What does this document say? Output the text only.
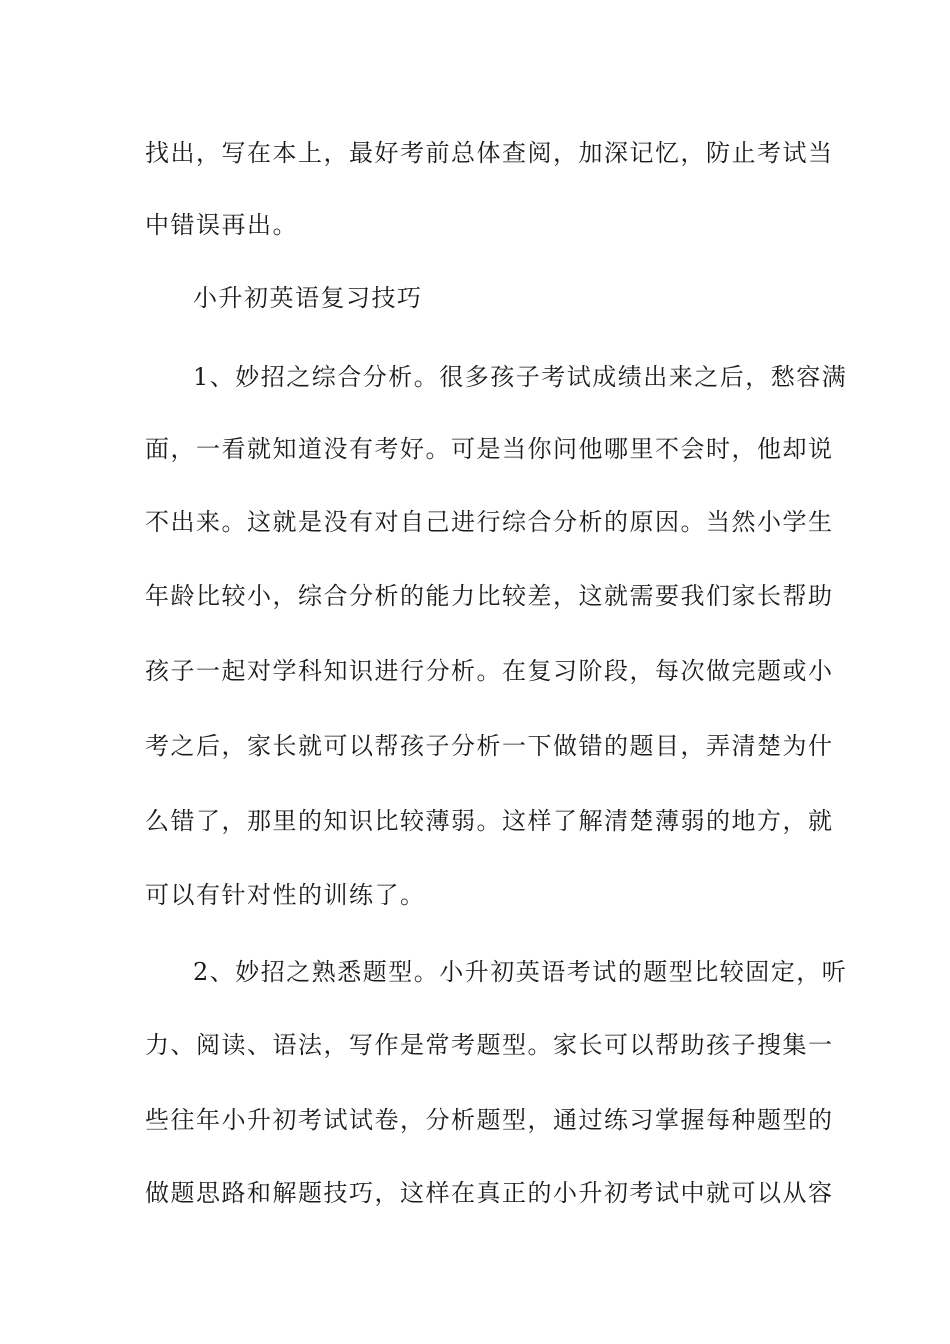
找出，写在本上，最好考前总体查阅，加深记忆，防止考试当
中错误再出。
小升初英语复习技巧
1、妙招之综合分析。很多孩子考试成绩出来之后，愁容满
面，一看就知道没有考好。可是当你问他哪里不会时，他却说
不出来。这就是没有对自己进行综合分析的原因。当然小学生
年龄比较小，综合分析的能力比较差，这就需要我们家长帮助
孩子一起对学科知识进行分析。在复习阶段，每次做完题或小
考之后，家长就可以帮孩子分析一下做错的题目，弄清楚为什
么错了，那里的知识比较薄弱。这样了解清楚薄弱的地方，就
可以有针对性的训练了。
2、妙招之熟悉题型。小升初英语考试的题型比较固定，听
力、阅读、语法，写作是常考题型。家长可以帮助孩子搜集一
些往年小升初考试试卷，分析题型，通过练习掌握每种题型的
做题思路和解题技巧，这样在真正的小升初考试中就可以从容
